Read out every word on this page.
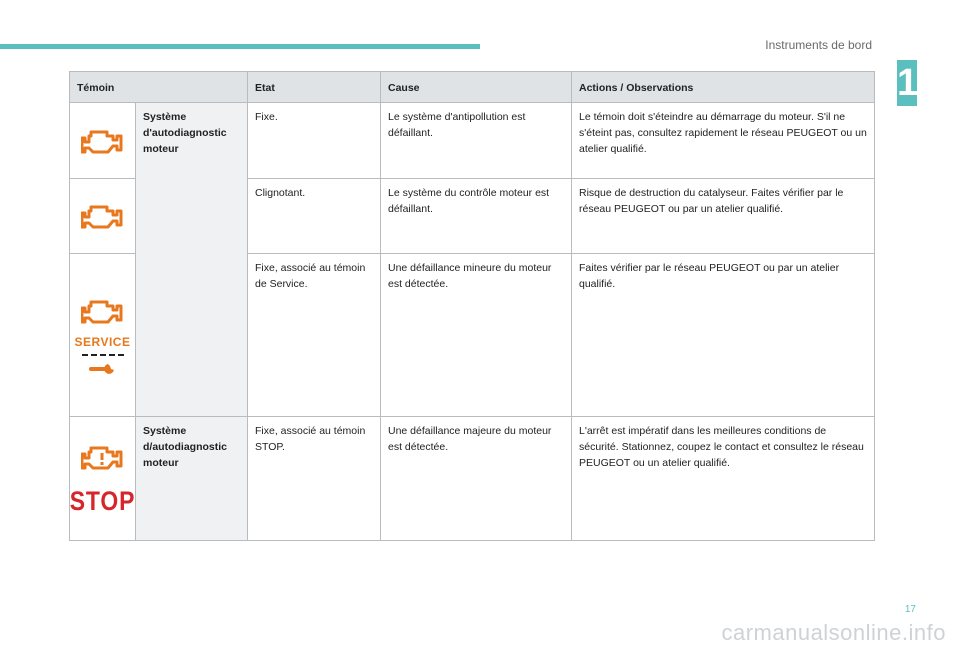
Instruments de bord
1
Témoin		Etat	Cause	Actions / Observations

	Système d'autodiagnostic moteur	Fixe.	Le système d'antipollution est défaillant.	Le témoin doit s'éteindre au démarrage du moteur. S'il ne s'éteint pas, consultez rapidement le réseau PEUGEOT ou un atelier qualifié.

	Clignotant.	Le système du contrôle moteur est défaillant.	Risque de destruction du catalyseur. Faites vérifier par le réseau PEUGEOT ou par un atelier qualifié.

SERVICE		Fixe, associé au témoin de Service.	Une défaillance mineure du moteur est détectée.	Faites vérifier par le réseau PEUGEOT ou par un atelier qualifié.

STOP	Système d/autodiagnostic moteur	Fixe, associé au témoin STOP.	Une défaillance majeure du moteur est détectée.	L'arrêt est impératif dans les meilleures conditions de sécurité. Stationnez, coupez le contact et consultez le réseau PEUGEOT ou un atelier qualifié.
17
carmanualsonline.info
